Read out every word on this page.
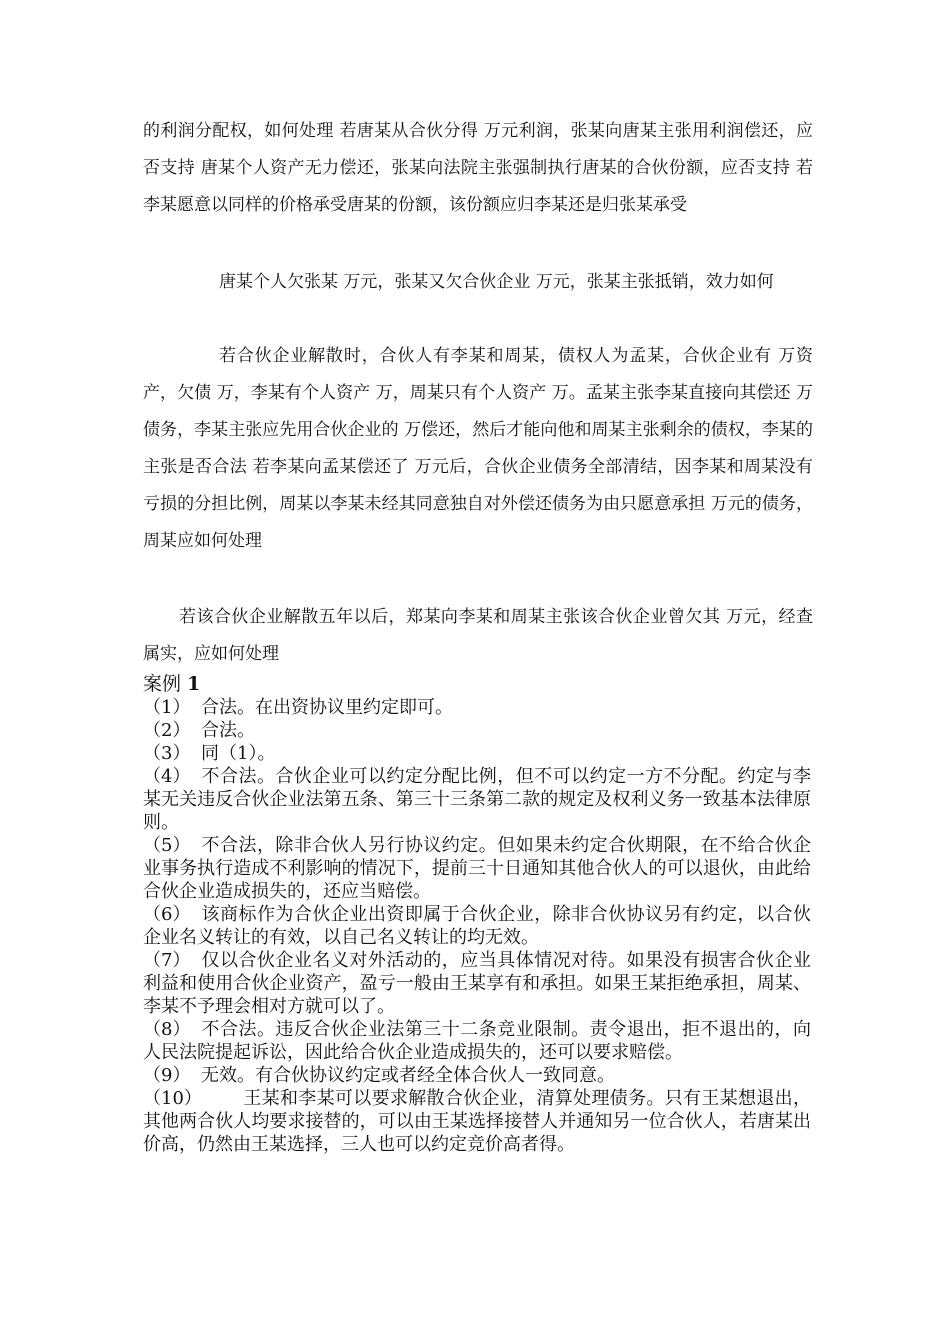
的利润分配权，如何处理 若唐某从合伙分得 万元利润，张某向唐某主张用利润偿还，应否支持 唐某个人资产无力偿还，张某向法院主张强制执行唐某的合伙份额，应否支持 若李某愿意以同样的价格承受唐某的份额，该份额应归李某还是归张某承受

唐某个人欠张某 万元，张某又欠合伙企业 万元，张某主张抵销，效力如何

若合伙企业解散时，合伙人有李某和周某，债权人为孟某，合伙企业有 万资产，欠债 万，李某有个人资产 万，周某只有个人资产 万。孟某主张李某直接向其偿还 万债务，李某主张应先用合伙企业的 万偿还，然后才能向他和周某主张剩余的债权，李某的主张是否合法 若李某向孟某偿还了 万元后，合伙企业债务全部清结，因李某和周某没有亏损的分担比例，周某以李某未经其同意独自对外偿还债务为由只愿意承担 万元的债务，周某应如何处理

若该合伙企业解散五年以后，郑某向李某和周某主张该合伙企业曾欠其 万元，经查属实，应如何处理

案例 1

（1） 合法。在出资协议里约定即可。

（2） 合法。

（3） 同（1）。

（4） 不合法。合伙企业可以约定分配比例，但不可以约定一方不分配。约定与李某无关违反合伙企业法第五条、第三十三条第二款的规定及权利义务一致基本法律原则。

（5） 不合法，除非合伙人另行协议约定。但如果未约定合伙期限，在不给合伙企业事务执行造成不利影响的情况下，提前三十日通知其他合伙人的可以退伙，由此给合伙企业造成损失的，还应当赔偿。

（6） 该商标作为合伙企业出资即属于合伙企业，除非合伙协议另有约定，以合伙企业名义转让的有效，以自己名义转让的均无效。

（7） 仅以合伙企业名义对外活动的，应当具体情况对待。如果没有损害合伙企业利益和使用合伙企业资产，盈亏一般由王某享有和承担。如果王某拒绝承担，周某、李某不予理会相对方就可以了。

（8） 不合法。违反合伙企业法第三十二条竞业限制。责令退出，拒不退出的，向人民法院提起诉讼，因此给合伙企业造成损失的，还可以要求赔偿。

（9） 无效。有合伙协议约定或者经全体合伙人一致同意。

（10） 王某和李某可以要求解散合伙企业，清算处理债务。只有王某想退出，其他两合伙人均要求接替的，可以由王某选择接替人并通知另一位合伙人，若唐某出价高，仍然由王某选择，三人也可以约定竞价高者得。
